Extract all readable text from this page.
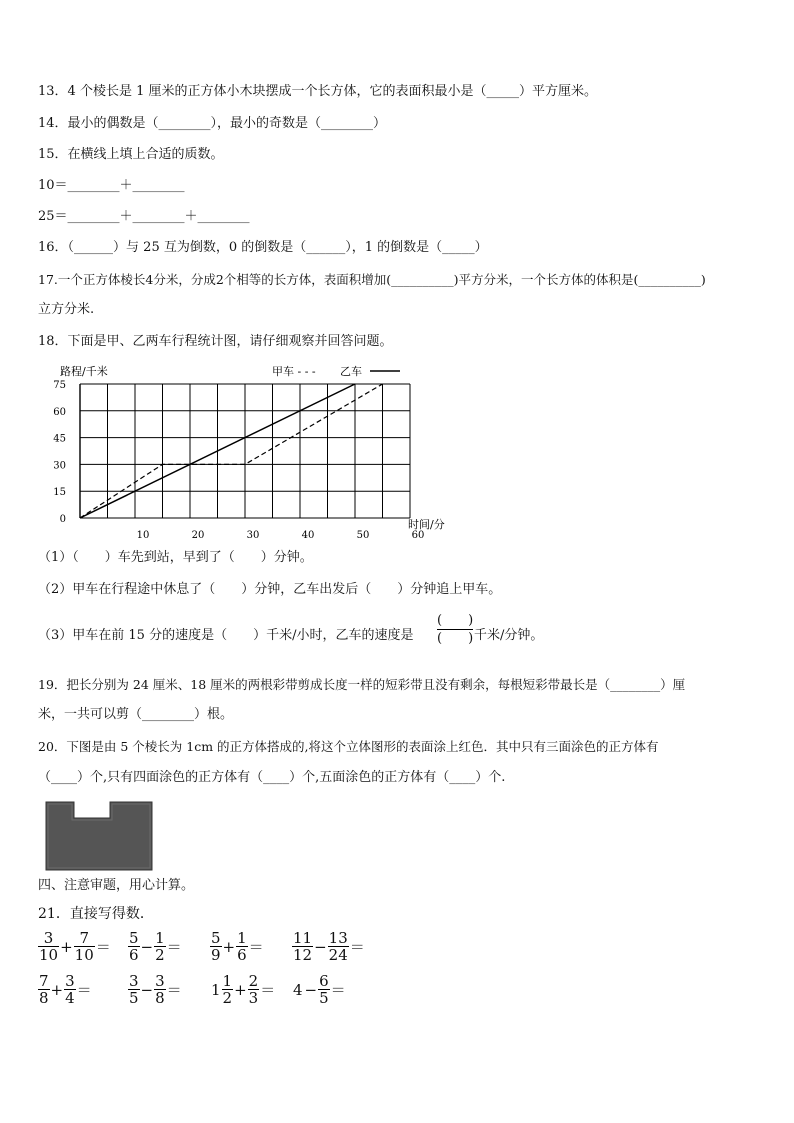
13．4 个棱长是 1 厘米的正方体小木块摆成一个长方体，它的表面积最小是（_____）平方厘米。
14．最小的偶数是（________），最小的奇数是（________）
15．在横线上填上合适的质数。
10＝________＋________
25＝________＋________＋________
16．（______）与 25 互为倒数，0 的倒数是（______），1 的倒数是（_____）
17.一个正方体棱长4分米，分成2个相等的长方体，表面积增加(__________)平方分米，一个长方体的体积是(__________)
立方分米.
18．下面是甲、乙两车行程统计图，请仔细观察并回答问题。
0
15
30
45
60
75
10	20	30	40	50	60
路程/千米
时间/分
甲车 - - - 乙车
（1）（　　）车先到站，早到了（　　）分钟。
（2）甲车在行程途中休息了（　　）分钟，乙车出发后（　　）分钟追上甲车。
（3）甲车在前 15 分的速度是（　　）千米/小时，乙车的速度是
(　　)
(　　) 千米/分钟。
19．把长分别为 24 厘米、18 厘米的两根彩带剪成长度一样的短彩带且没有剩余，每根短彩带最长是（________）厘
米，一共可以剪（________）根。
20．下图是由 5 个棱长为 1cm 的正方体搭成的,将这个立体图形的表面涂上红色．其中只有三面涂色的正方体有
（____）个,只有四面涂色的正方体有（____）个,五面涂色的正方体有（____）个.
四、注意审题，用心计算。
21．直接写得数．
$\frac{3}{10} + \frac{7}{10} = \frac{5}{6} - \frac{1}{2} = \frac{5}{9} + \frac{1}{6} = \frac{11}{12} - \frac{13}{24}$ ＝
$\frac{7}{8} + \frac{3}{4} = \frac{3}{5} - \frac{3}{8} = 1 \frac{1}{2} + \frac{2}{3} = 4 - \frac{6}{5}$ ＝
